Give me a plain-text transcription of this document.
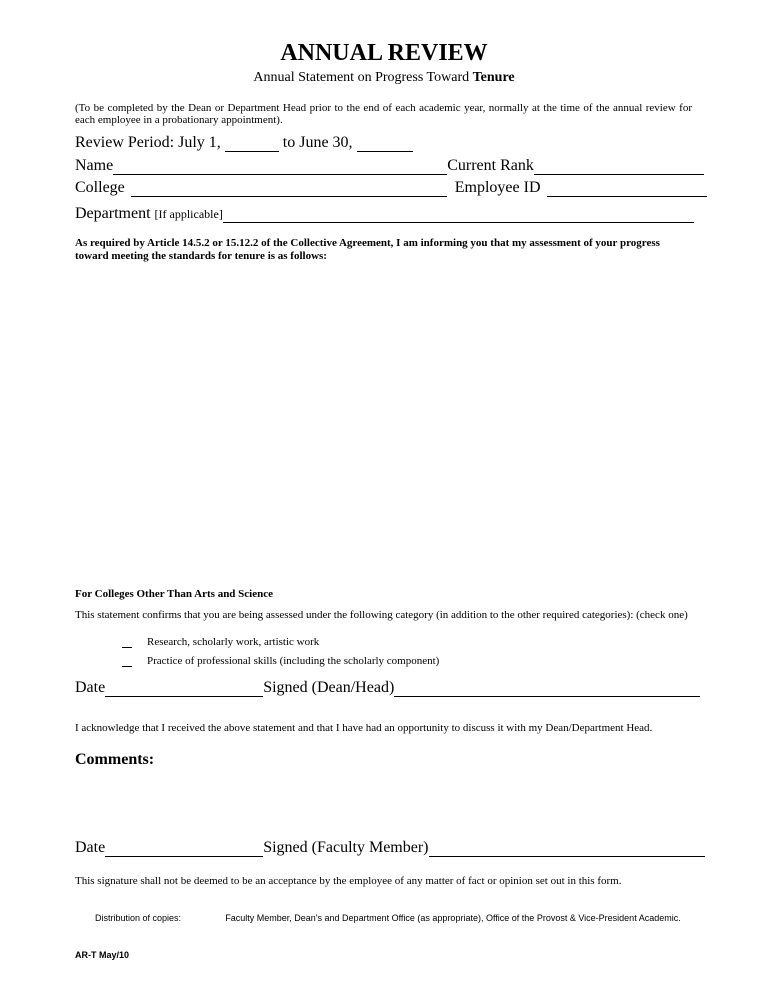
ANNUAL REVIEW
Annual Statement on Progress Toward Tenure
(To be completed by the Dean or Department Head prior to the end of each academic year, normally at the time of the annual review for each employee in a probationary appointment).
Review Period: July 1,	to June 30,
Name	Current Rank
College	Employee ID
Department [If applicable]
As required by Article 14.5.2 or 15.12.2 of the Collective Agreement, I am informing you that my assessment of your progress toward meeting the standards for tenure is as follows:
For Colleges Other Than Arts and Science
This statement confirms that you are being assessed under the following category (in addition to the other required categories): (check one)
Research, scholarly work, artistic work
Practice of professional skills (including the scholarly component)
Date	Signed (Dean/Head)
I acknowledge that I received the above statement and that I have had an opportunity to discuss it with my Dean/Department Head.
Comments:
Date	Signed (Faculty Member)
This signature shall not be deemed to be an acceptance by the employee of any matter of fact or opinion set out in this form.
Distribution of copies:	Faculty Member, Dean's and Department Office (as appropriate), Office of the Provost & Vice-President Academic.
AR-T May/10
